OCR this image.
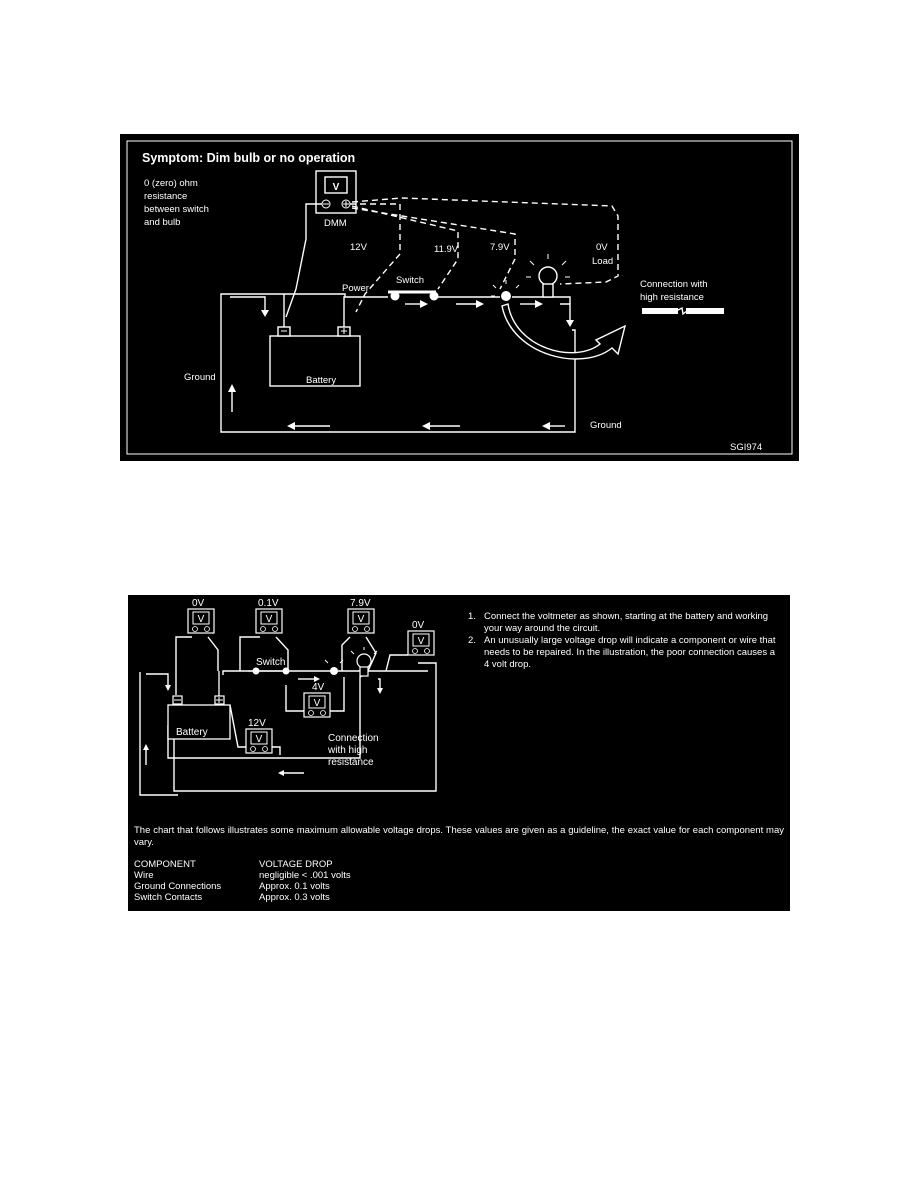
Symptom: Dim bulb or no operation
0 (zero) ohm
resistance
between switch
and bulb
V
DMM
12V	11.9V	7.9V	0V
Load
Battery
Power
Switch	Connection with
high resistance
Ground
Ground
SGI974
Battery
Switch
V
0V
V
0.1V
V
7.9V
V
0V
V
4V
V
12V
Connection
with high
resistance
1. Connect the voltmeter as shown, starting at the battery and working your way around the circuit.
2. An unusually large voltage drop will indicate a component or wire that needs to be repaired. In the illustration, the poor connection causes a 4 volt drop.
The chart that follows illustrates some maximum allowable voltage drops. These values are given as a guideline, the exact value for each component may vary.
COMPONENT	VOLTAGE DROP
Wire	negligible < .001 volts
Ground Connections	Approx. 0.1 volts
Switch Contacts	Approx. 0.3 volts
